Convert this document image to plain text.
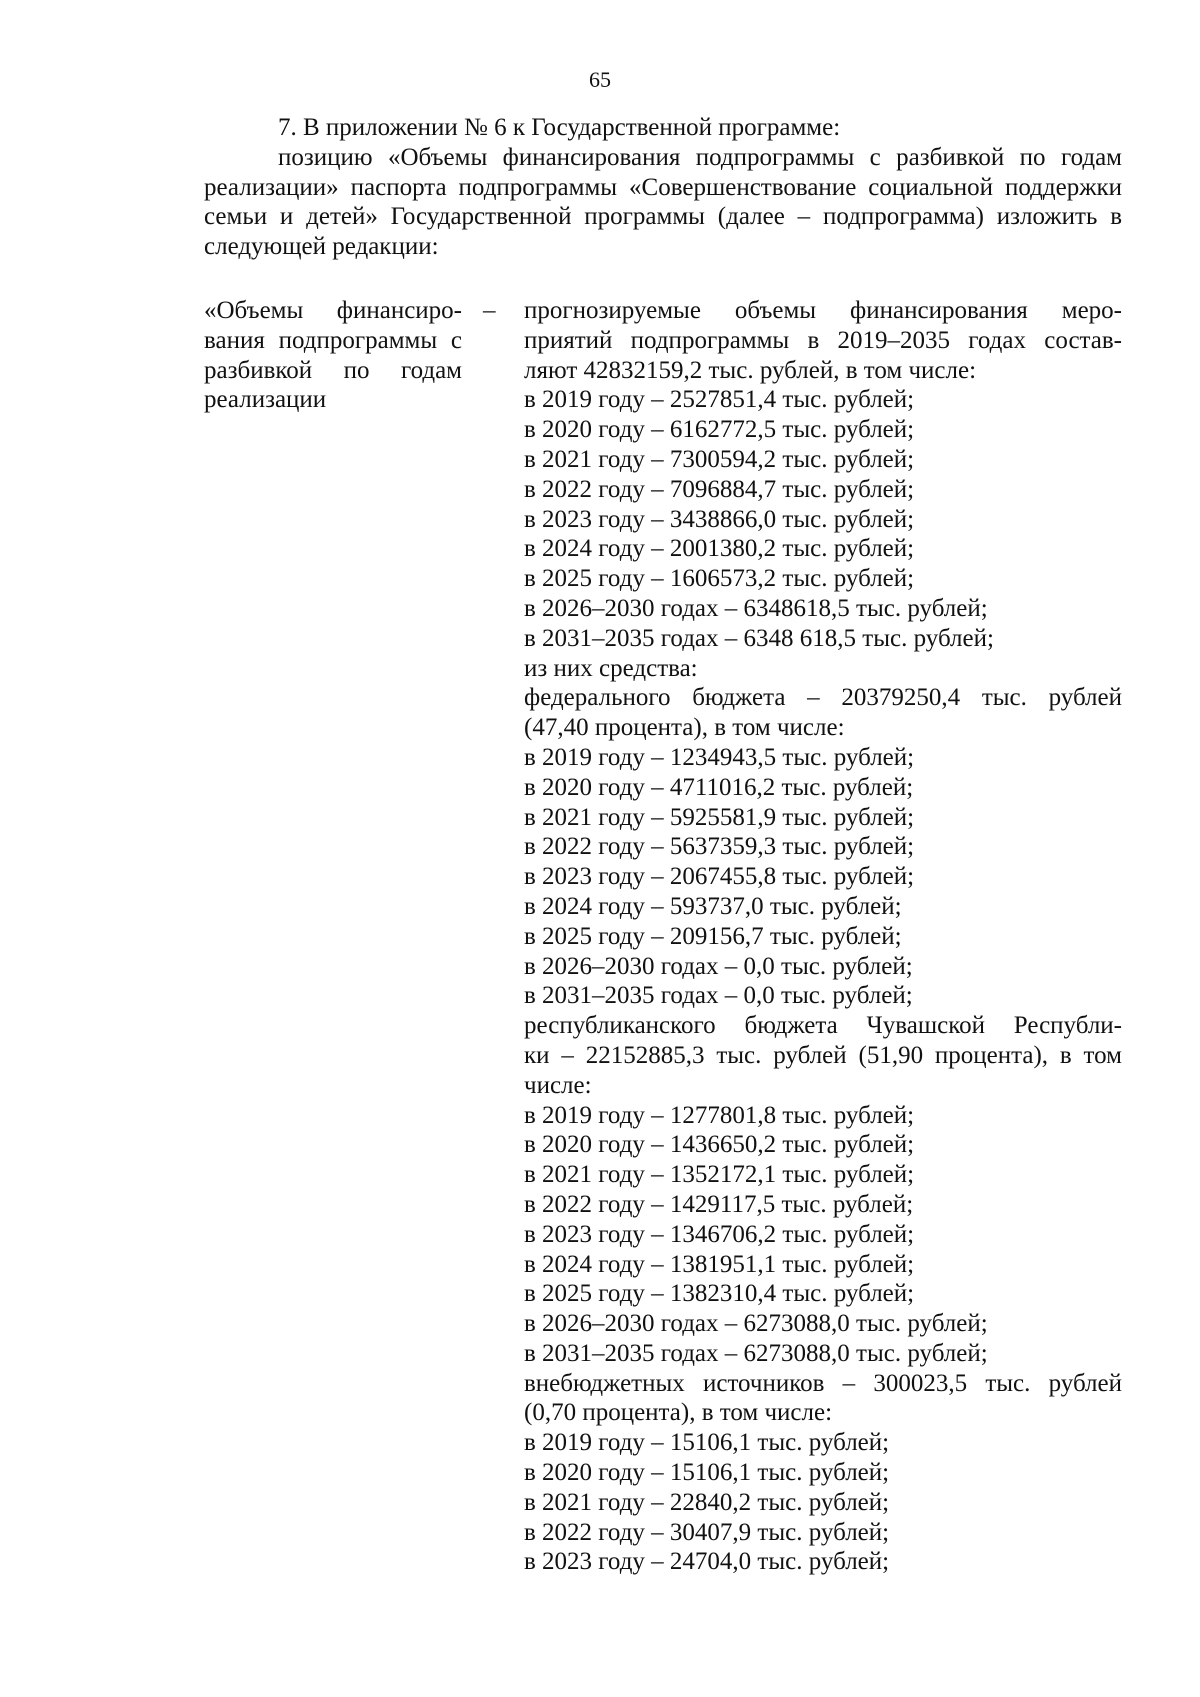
65

7. В приложении № 6 к Государственной программе:

позицию «Объемы финансирования подпрограммы с разбивкой по годам реализации» паспорта подпрограммы «Совершенствование социальной поддержки семьи и детей» Государственной программы (далее – подпрограмма) изложить в следующей редакции:

«Объемы финансиро-
вания подпрограммы с
разбивкой по годам
реализации
– прогнозируемые объемы финансирования меро-
приятий подпрограммы в 2019–2035 годах состав-
ляют 42832159,2 тыс. рублей, в том числе:
в 2019 году – 2527851,4 тыс. рублей;
в 2020 году – 6162772,5 тыс. рублей;
в 2021 году – 7300594,2 тыс. рублей;
в 2022 году – 7096884,7 тыс. рублей;
в 2023 году – 3438866,0 тыс. рублей;
в 2024 году – 2001380,2 тыс. рублей;
в 2025 году – 1606573,2 тыс. рублей;
в 2026–2030 годах – 6348618,5 тыс. рублей;
в 2031–2035 годах – 6348 618,5 тыс. рублей;
из них средства:
федерального бюджета – 20379250,4 тыс. рублей
(47,40 процента), в том числе:
в 2019 году – 1234943,5 тыс. рублей;
в 2020 году – 4711016,2 тыс. рублей;
в 2021 году – 5925581,9 тыс. рублей;
в 2022 году – 5637359,3 тыс. рублей;
в 2023 году – 2067455,8 тыс. рублей;
в 2024 году – 593737,0 тыс. рублей;
в 2025 году – 209156,7 тыс. рублей;
в 2026–2030 годах – 0,0 тыс. рублей;
в 2031–2035 годах – 0,0 тыс. рублей;
республиканского бюджета Чувашской Республи-
ки – 22152885,3 тыс. рублей (51,90 процента), в том
числе:
в 2019 году – 1277801,8 тыс. рублей;
в 2020 году – 1436650,2 тыс. рублей;
в 2021 году – 1352172,1 тыс. рублей;
в 2022 году – 1429117,5 тыс. рублей;
в 2023 году – 1346706,2 тыс. рублей;
в 2024 году – 1381951,1 тыс. рублей;
в 2025 году – 1382310,4 тыс. рублей;
в 2026–2030 годах – 6273088,0 тыс. рублей;
в 2031–2035 годах – 6273088,0 тыс. рублей;
внебюджетных источников – 300023,5 тыс. рублей
(0,70 процента), в том числе:
в 2019 году – 15106,1 тыс. рублей;
в 2020 году – 15106,1 тыс. рублей;
в 2021 году – 22840,2 тыс. рублей;
в 2022 году – 30407,9 тыс. рублей;
в 2023 году – 24704,0 тыс. рублей;
